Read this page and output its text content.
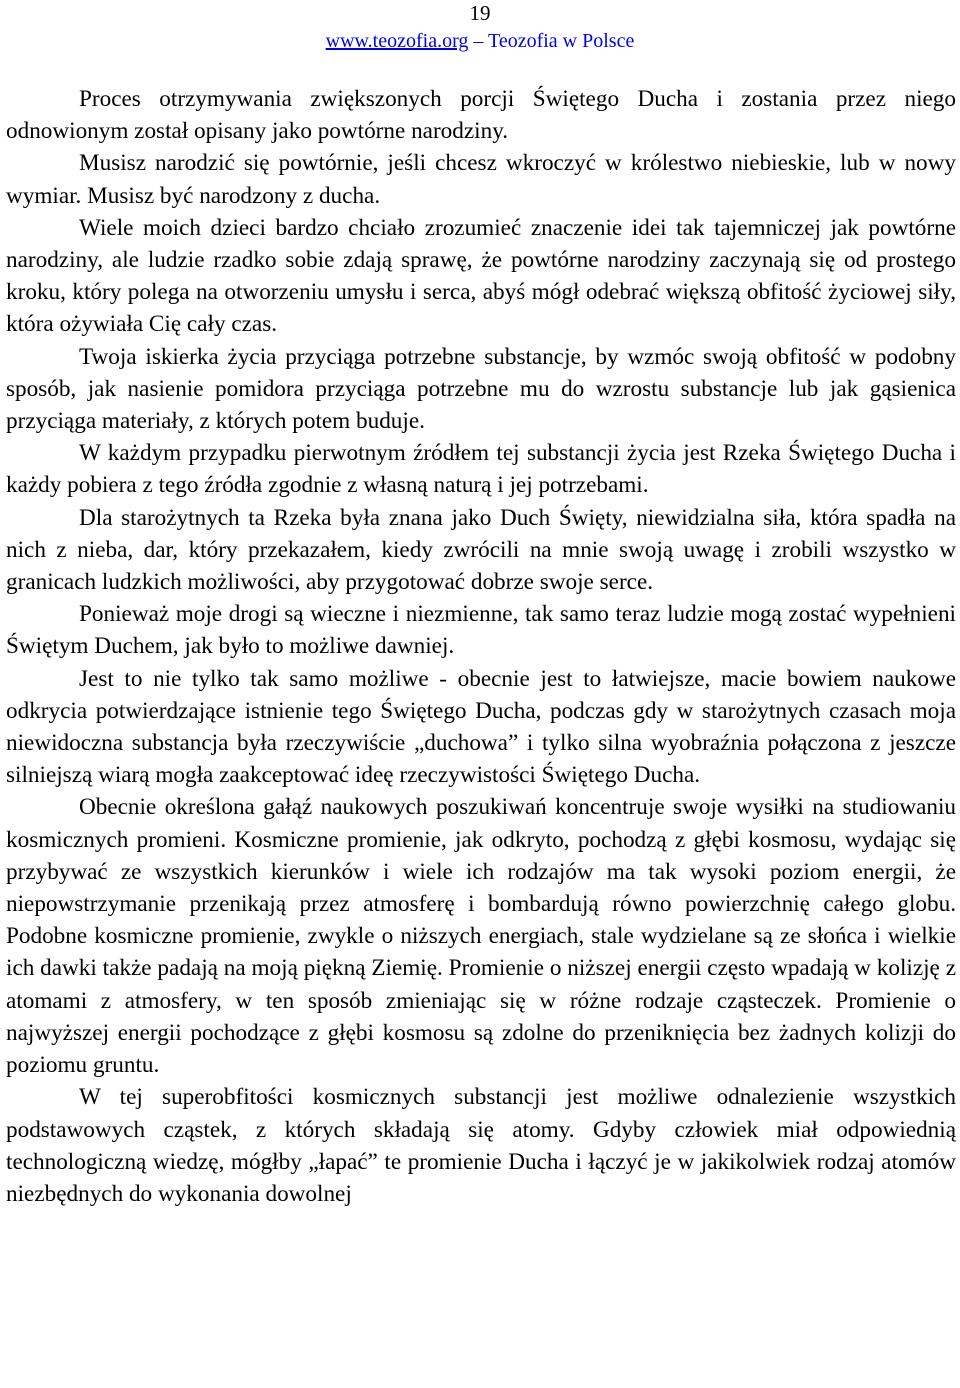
19
www.teozofia.org – Teozofia w Polsce

Proces otrzymywania zwiększonych porcji Świętego Ducha i zostania przez niego odnowionym został opisany jako powtórne narodziny.

Musisz narodzić się powtórnie, jeśli chcesz wkroczyć w królestwo niebieskie, lub w nowy wymiar. Musisz być narodzony z ducha.

Wiele moich dzieci bardzo chciało zrozumieć znaczenie idei tak tajemniczej jak powtórne narodziny, ale ludzie rzadko sobie zdają sprawę, że powtórne narodziny zaczynają się od prostego kroku, który polega na otworzeniu umysłu i serca, abyś mógł odebrać większą obfitość życiowej siły, która ożywiała Cię cały czas.

Twoja iskierka życia przyciąga potrzebne substancje, by wzmóc swoją obfitość w podobny sposób, jak nasienie pomidora przyciąga potrzebne mu do wzrostu substancje lub jak gąsienica przyciąga materiały, z których potem buduje.

W każdym przypadku pierwotnym źródłem tej substancji życia jest Rzeka Świętego Ducha i każdy pobiera z tego źródła zgodnie z własną naturą i jej potrzebami.

Dla starożytnych ta Rzeka była znana jako Duch Święty, niewidzialna siła, która spadła na nich z nieba, dar, który przekazałem, kiedy zwrócili na mnie swoją uwagę i zrobili wszystko w granicach ludzkich możliwości, aby przygotować dobrze swoje serce.

Ponieważ moje drogi są wieczne i niezmienne, tak samo teraz ludzie mogą zostać wypełnieni Świętym Duchem, jak było to możliwe dawniej.

Jest to nie tylko tak samo możliwe - obecnie jest to łatwiejsze, macie bowiem naukowe odkrycia potwierdzające istnienie tego Świętego Ducha, podczas gdy w starożytnych czasach moja niewidoczna substancja była rzeczywiście „duchowa” i tylko silna wyobraźnia połączona z jeszcze silniejszą wiarą mogła zaakceptować ideę rzeczywistości Świętego Ducha.

Obecnie określona gałąź naukowych poszukiwań koncentruje swoje wysiłki na studiowaniu kosmicznych promieni. Kosmiczne promienie, jak odkryto, pochodzą z głębi kosmosu, wydając się przybywać ze wszystkich kierunków i wiele ich rodzajów ma tak wysoki poziom energii, że niepowstrzymanie przenikają przez atmosferę i bombardują równo powierzchnię całego globu. Podobne kosmiczne promienie, zwykle o niższych energiach, stale wydzielane są ze słońca i wielkie ich dawki także padają na moją piękną Ziemię. Promienie o niższej energii często wpadają w kolizję z atomami z atmosfery, w ten sposób zmieniając się w różne rodzaje cząsteczek. Promienie o najwyższej energii pochodzące z głębi kosmosu są zdolne do przeniknięcia bez żadnych kolizji do poziomu gruntu.

W tej superobfitości kosmicznych substancji jest możliwe odnalezienie wszystkich podstawowych cząstek, z których składają się atomy. Gdyby człowiek miał odpowiednią technologiczną wiedzę, mógłby „łapać” te promienie Ducha i łączyć je w jakikolwiek rodzaj atomów niezbędnych do wykonania dowolnej
